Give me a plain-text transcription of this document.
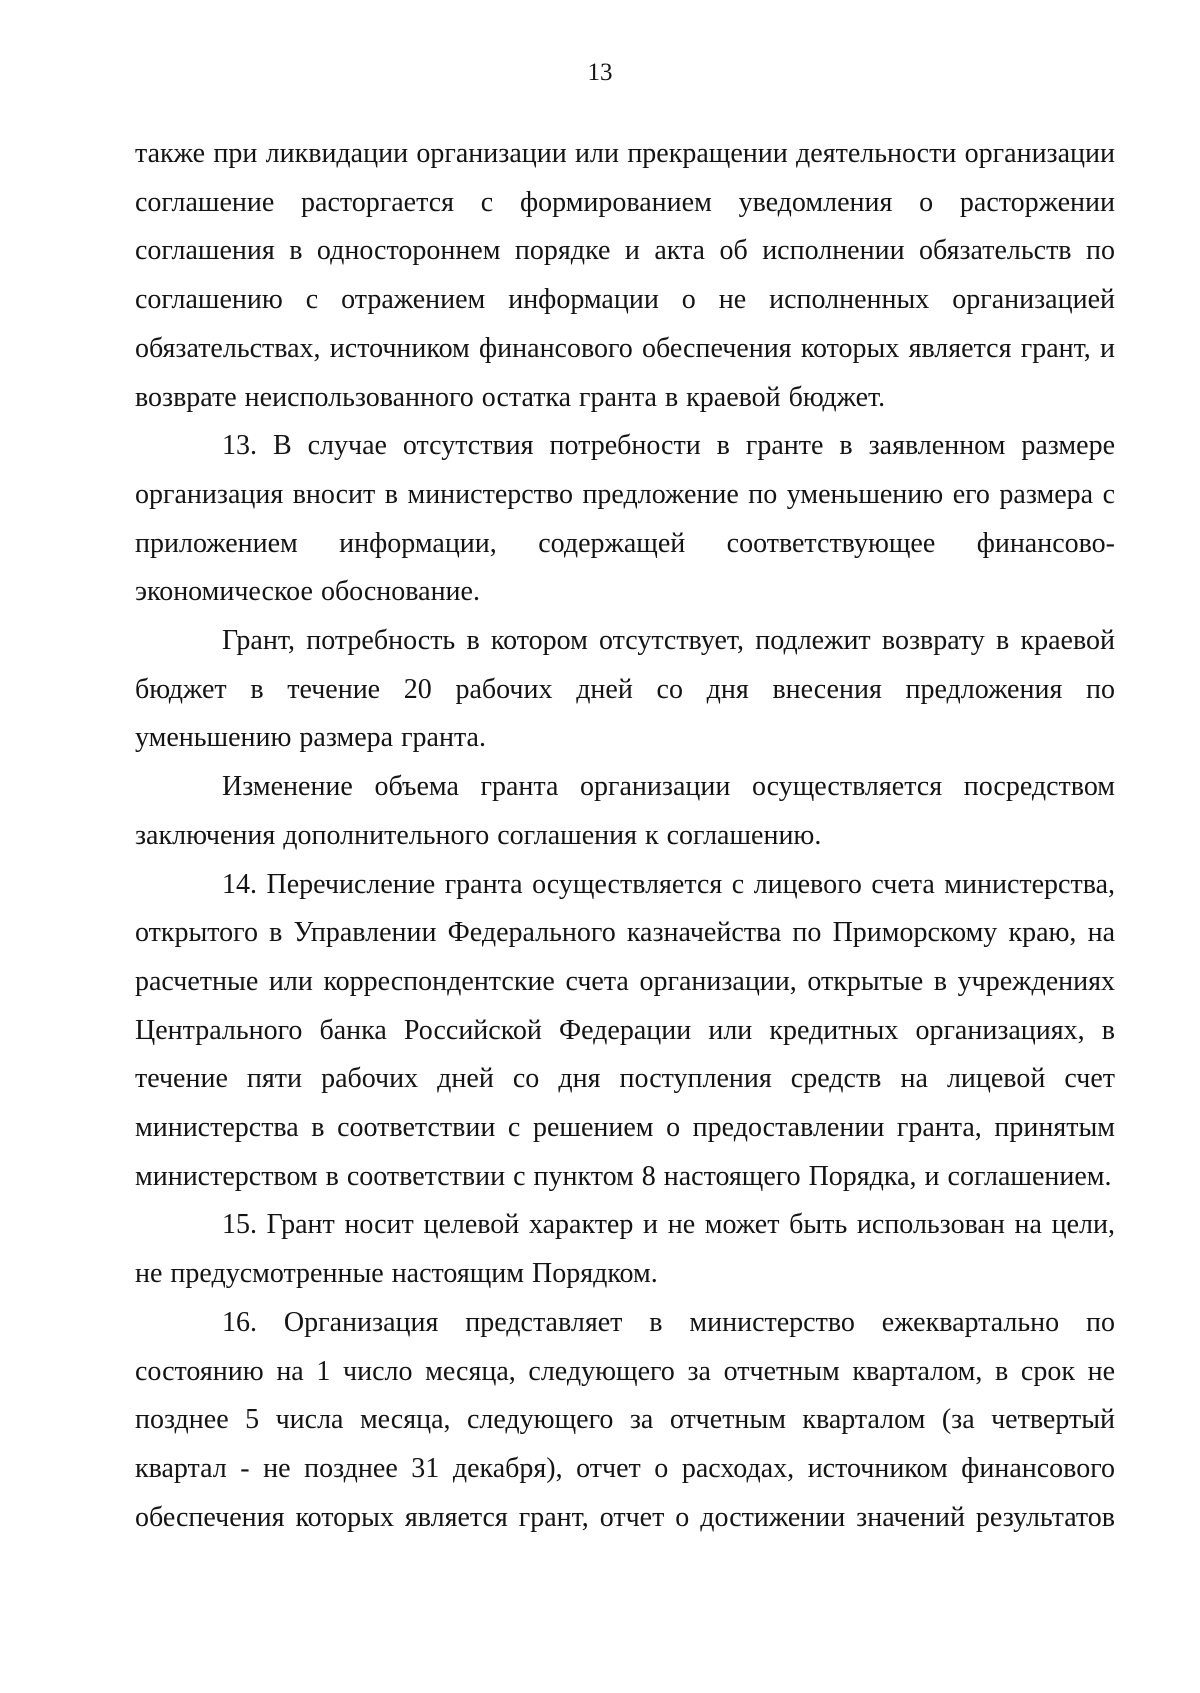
13

также при ликвидации организации или прекращении деятельности организации соглашение расторгается с формированием уведомления о расторжении соглашения в одностороннем порядке и акта об исполнении обязательств по соглашению с отражением информации о не исполненных организацией обязательствах, источником финансового обеспечения которых является грант, и возврате неиспользованного остатка гранта в краевой бюджет.

13. В случае отсутствия потребности в гранте в заявленном размере организация вносит в министерство предложение по уменьшению его размера с приложением информации, содержащей соответствующее финансово-экономическое обоснование.

Грант, потребность в котором отсутствует, подлежит возврату в краевой бюджет в течение 20 рабочих дней со дня внесения предложения по уменьшению размера гранта.

Изменение объема гранта организации осуществляется посредством заключения дополнительного соглашения к соглашению.

14. Перечисление гранта осуществляется с лицевого счета министерства, открытого в Управлении Федерального казначейства по Приморскому краю, на расчетные или корреспондентские счета организации, открытые в учреждениях Центрального банка Российской Федерации или кредитных организациях, в течение пяти рабочих дней со дня поступления средств на лицевой счет министерства в соответствии с решением о предоставлении гранта, принятым министерством в соответствии с пунктом 8 настоящего Порядка, и соглашением.

15. Грант носит целевой характер и не может быть использован на цели, не предусмотренные настоящим Порядком.

16. Организация представляет в министерство ежеквартально по состоянию на 1 число месяца, следующего за отчетным кварталом, в срок не позднее 5 числа месяца, следующего за отчетным кварталом (за четвертый квартал - не позднее 31 декабря), отчет о расходах, источником финансового обеспечения которых является грант, отчет о достижении значений результатов
